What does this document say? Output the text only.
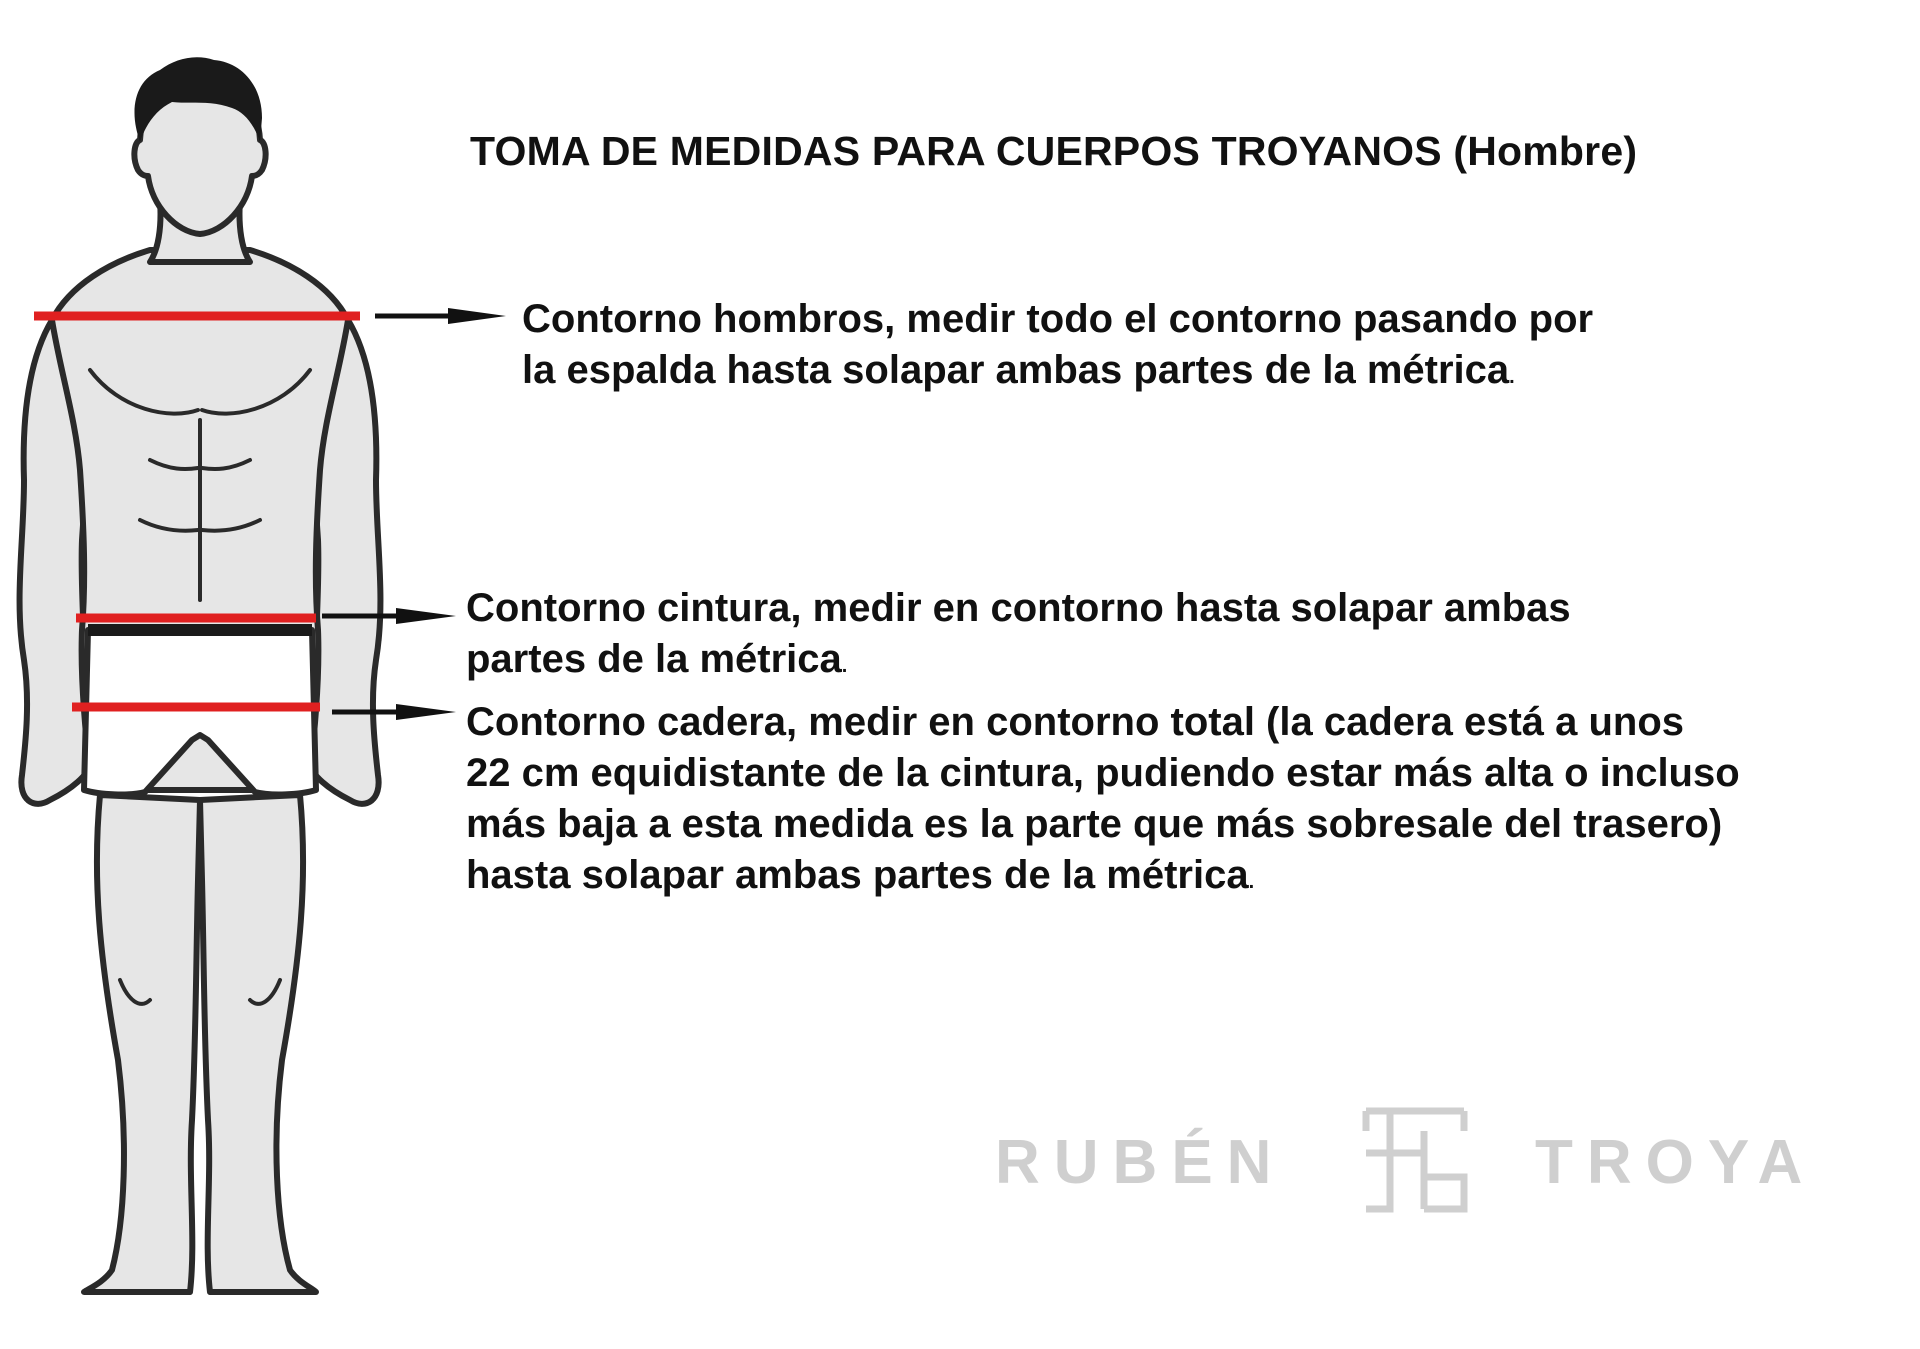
TOMA DE MEDIDAS PARA CUERPOS TROYANOS (Hombre)
Contorno hombros, medir todo el contorno pasando por
la espalda hasta solapar ambas partes de la métrica.
Contorno cintura, medir en contorno hasta solapar ambas
partes de la métrica.
Contorno cadera, medir en contorno total (la cadera está a unos
22 cm equidistante de la cintura, pudiendo estar más alta o incluso
más baja a esta medida es la parte que más sobresale del trasero)
hasta solapar ambas partes de la métrica.
RUBÉN	TROYA
